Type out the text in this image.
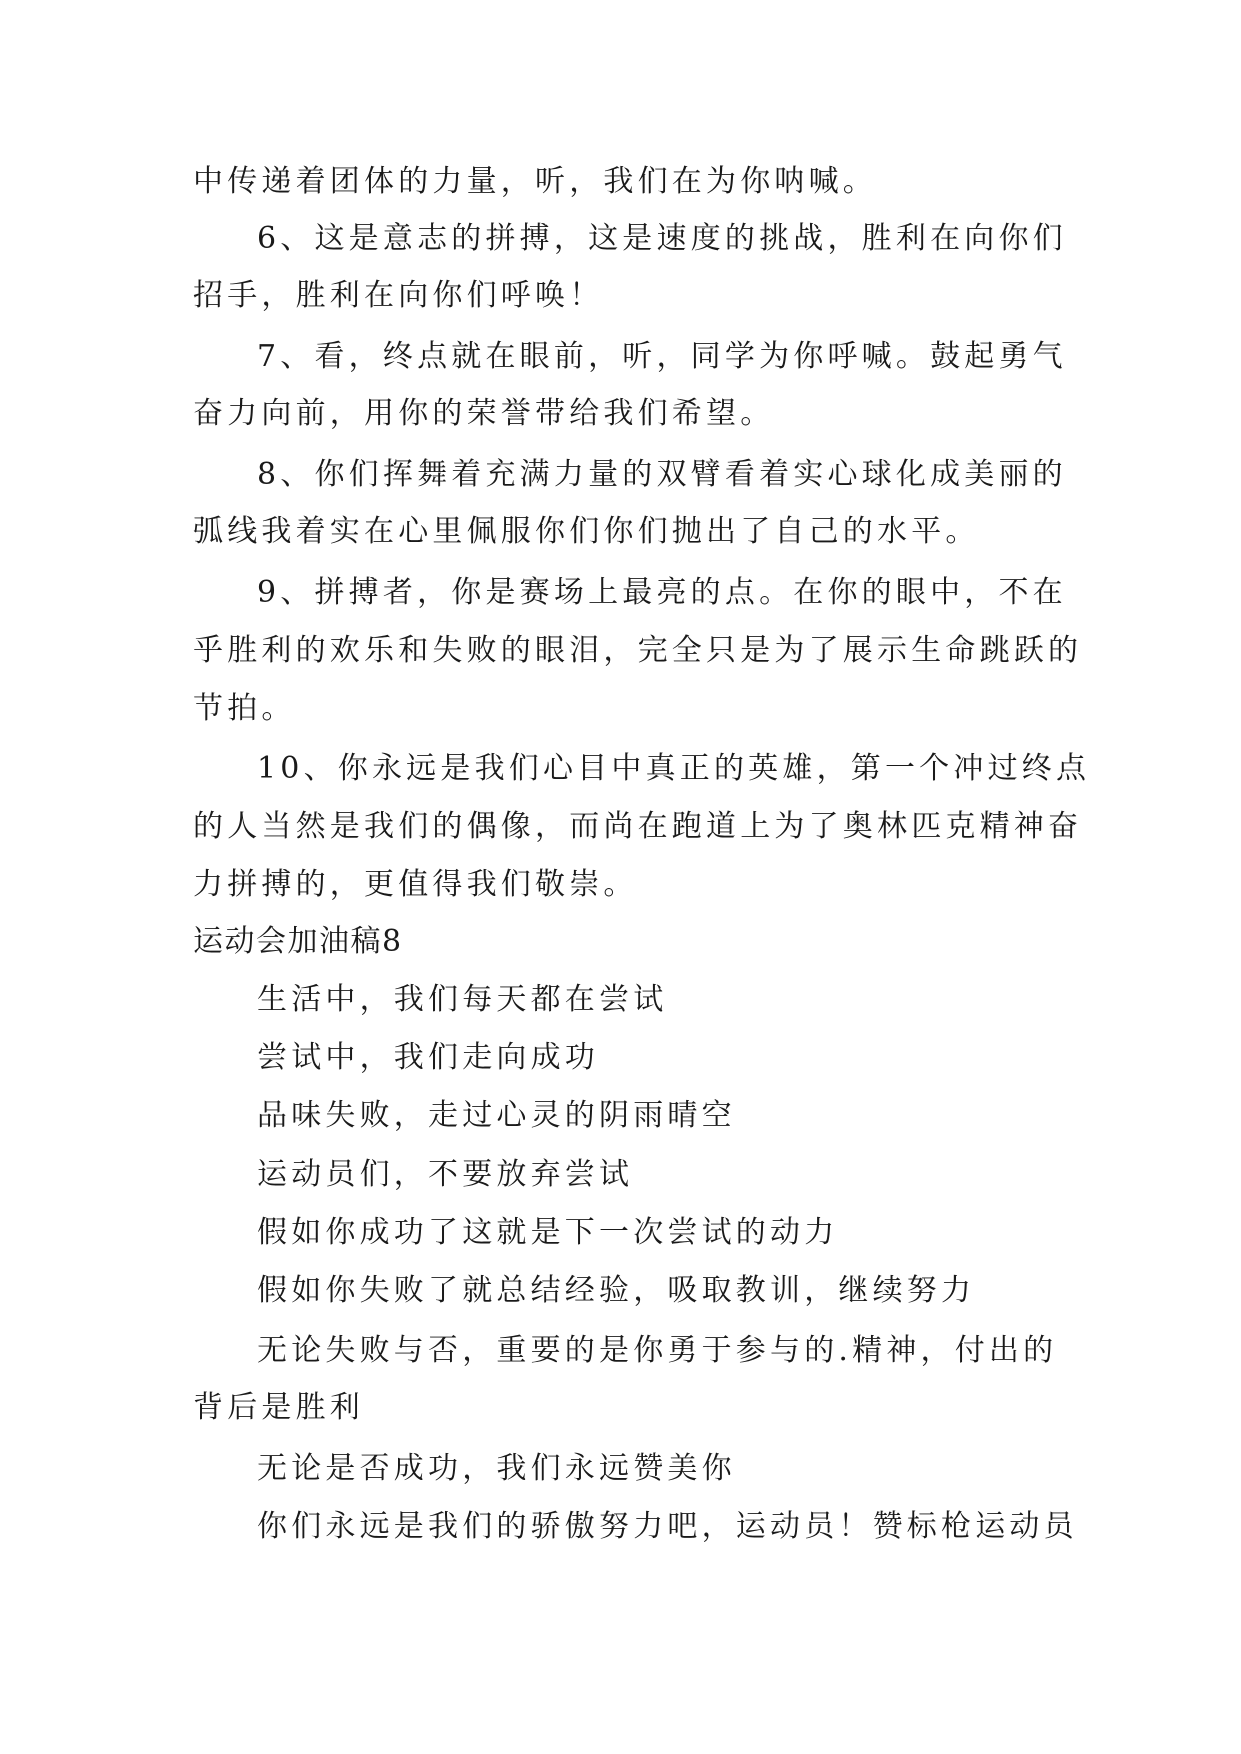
中传递着团体的力量，听，我们在为你呐喊。
6、这是意志的拼搏，这是速度的挑战，胜利在向你们
招手，胜利在向你们呼唤！
7、看，终点就在眼前，听，同学为你呼喊。鼓起勇气
奋力向前，用你的荣誉带给我们希望。
8、你们挥舞着充满力量的双臂看着实心球化成美丽的
弧线我着实在心里佩服你们你们抛出了自己的水平。
9、拼搏者，你是赛场上最亮的点。在你的眼中，不在
乎胜利的欢乐和失败的眼泪，完全只是为了展示生命跳跃的
节拍。
10、你永远是我们心目中真正的英雄，第一个冲过终点
的人当然是我们的偶像，而尚在跑道上为了奥林匹克精神奋
力拼搏的，更值得我们敬崇。
运动会加油稿8
生活中，我们每天都在尝试
尝试中，我们走向成功
品味失败，走过心灵的阴雨晴空
运动员们，不要放弃尝试
假如你成功了这就是下一次尝试的动力
假如你失败了就总结经验，吸取教训，继续努力
无论失败与否，重要的是你勇于参与的.精神，付出的
背后是胜利
无论是否成功，我们永远赞美你
你们永远是我们的骄傲努力吧，运动员！赞标枪运动员
